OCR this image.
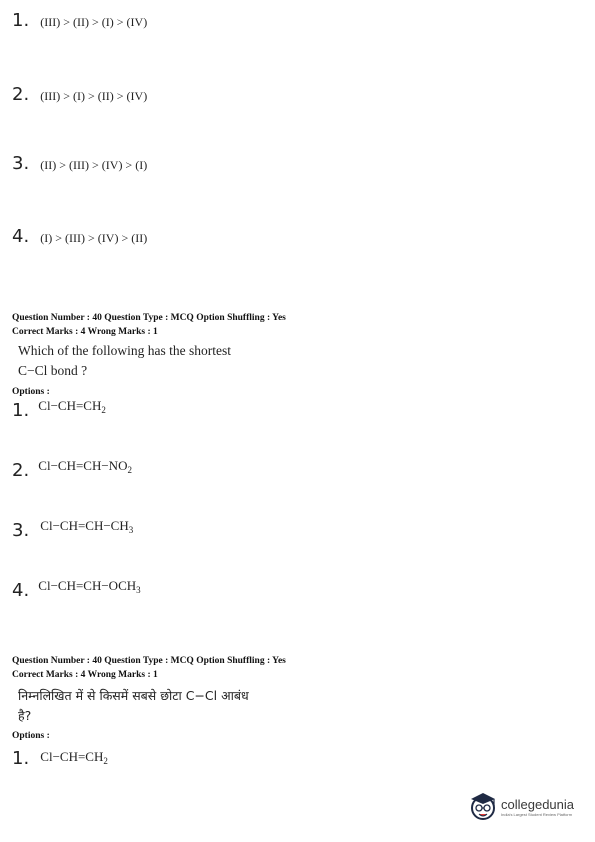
1. (III) > (II) > (I) > (IV)
2. (III) > (I) > (II) > (IV)
3. (II) > (III) > (IV) > (I)
4. (I) > (III) > (IV) > (II)
Question Number : 40 Question Type : MCQ Option Shuffling : Yes
Correct Marks : 4 Wrong Marks : 1
Which of the following has the shortest
C−Cl bond ?
Options :
1. $^{Cl-CH=CH_2}$
2. $^{Cl-CH=CH-NO_2}$
3. $^{Cl-CH=CH-CH_3}$
4. $^{Cl-CH=CH-OCH_3}$
Question Number : 40 Question Type : MCQ Option Shuffling : Yes
Correct Marks : 4 Wrong Marks : 1
निम्नलिखित में से किसमें सबसे छोटा C−Cl आबंध
है?
Options :
1. $Cl-CH=CH_2$
collegedunia
India's Largest Student Review Platform
